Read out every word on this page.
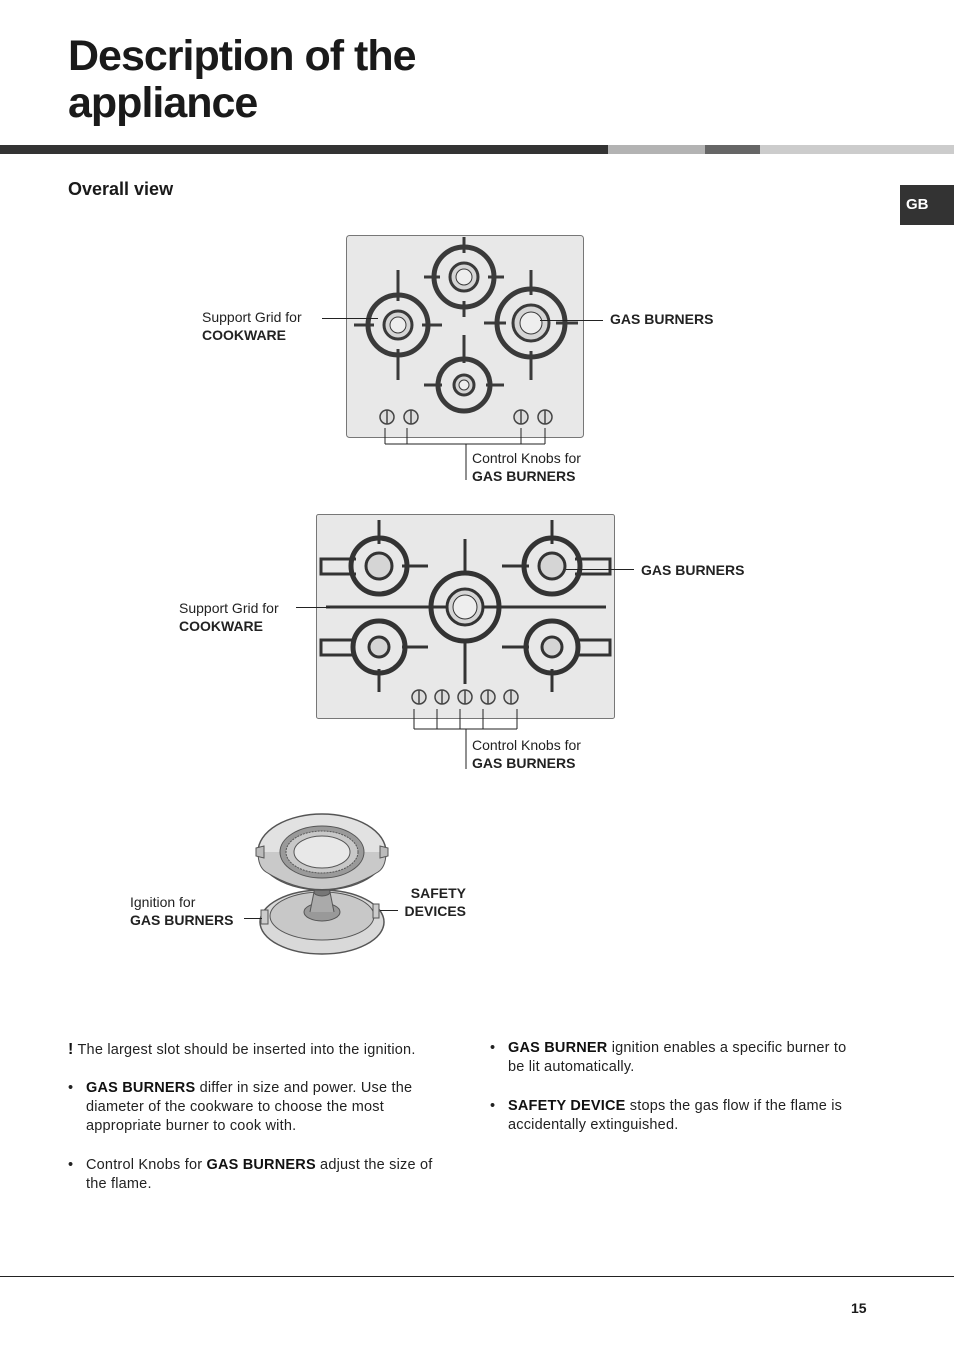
Description of the
appliance
GB
Overall view
Support Grid for
COOKWARE
GAS BURNERS
Control Knobs for
GAS BURNERS
Support Grid for
COOKWARE
GAS BURNERS
Control Knobs for
GAS BURNERS
Ignition for
GAS BURNERS
SAFETY
DEVICES
! The largest slot should be inserted into the ignition.
• GAS BURNERS differ in size and power. Use the diameter of the cookware to choose the most appropriate burner to cook with.
• Control Knobs for GAS BURNERS adjust the size of the flame.
• GAS BURNER ignition enables a specific burner to be lit automatically.
• SAFETY DEVICE stops the gas flow if the flame is accidentally extinguished.
15
